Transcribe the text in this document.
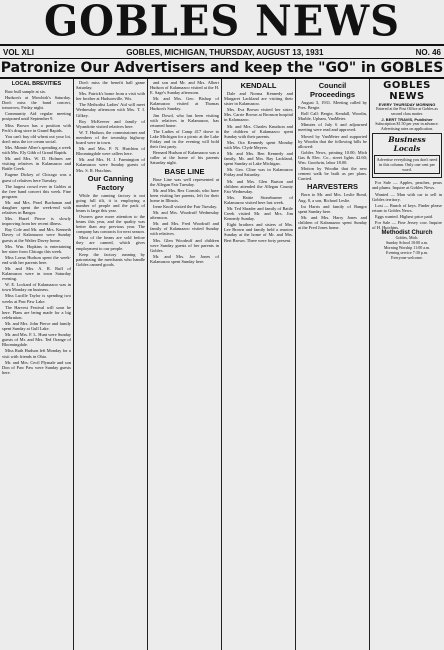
GOBLES NEWS
VOL XLI	GOBLES, MICHIGAN, THURSDAY, AUGUST 13, 1931	NO. 46
Patronize Our Advertisers and keep the "GO" in GOBLES
LOCAL BREVITIES

Raw bull sample at six.

Hudson's at Mowhirk's Saturday. Don't miss the band concert, tomorrow, Friday night.

Community Aid regular meeting postponed until September 9.

Miss Brown has a position with Peck's drug store in Grand Rapids.

You can't buy old wheat out your lot, don't miss the ice cream social.

Mrs. Minnie Alber's spending a week with Mrs. Ely Gibb of Grand Rapids.

Mr. and Mrs. W. D. Holmes are visiting relatives in Kalamazoo and Battle Creek.

Eugene Dickey of Chicago was a guest of relatives here Tuesday.

The largest crowd ever in Gobles at the free band concert this week. Fine program.

Mr. and Mrs. Pearl Buchanan and daughter spent the week-end with relatives in Bangor.

Mrs. Hazel Pierce is slowly improving from her recent illness.

Ray Cole and Mr. and Mrs. Kenneth Davey of Kalamazoo were Sunday guests at the Walter Davey home.

Mrs. Wm. Hopkins is entertaining her sister from Chicago this week.

Miss Lorna Hudson spent the week-end with her parents here.

Mr. and Mrs. A. R. Ruff of Kalamazoo were in town Saturday evening.

W. E. Lockard of Kalamazoo was in town Monday on business.

Miss Lucille Taylor is spending two weeks at Paw Paw Lake.

The Harvest Festival will soon be here. Plans are being made for a big celebration.

Mr. and Mrs. John Pierce and family spent Sunday at Gull Lake.

Mr. and Mrs. F. L. Hunt were Sunday guests of Mr. and Mrs. Ted Orange of Bloomingdale.

Miss Ruth Hudson left Monday for a visit with friends in Ohio.

Mr. and Mrs. Cecil Plymale and son Don of Paw Paw were Sunday guests here.

Don't miss the benefit ball game Saturday.

Mrs. Patrick's home from a visit with her brother at Hudsonville, Wis.

The Methodist Ladies' Aid will meet Wednesday afternoon with Mrs. T. I. Gilkey.

Roy McKeever and family of Wyandotte visited relatives here.

W. T. Hudson, the commissioner and members of the township highway board were in town.

Mr. and Mrs. P. N. Hutchins of Bloomingdale were callers here.

Mr. and Mrs. H. J. Farmington of Kalamazoo were Sunday guests of Mrs. S. R. Hutchins.

Our Canning Factory

While the canning factory is not going full tilt, it is employing a number of people and the pack of beans is large this year.

Owners gave more attention to the beans this year, and the quality was better than any previous year. The company has contracts for next season.

Most of the beans are sold before they are canned, which gives employment to our people.

Keep the factory running by patronizing the merchants who handle Gobles canned goods.

and son and Mr. and Mrs. Albert Hudson of Kalamazoo visited at the H. E. Sage's Sunday afternoon.

Mr. and Mrs. Geo. Bishop of Kalamazoo visited at Thomas Hudson's Sunday.

Jim Dowd, who has been visiting with relatives in Kalamazoo, has returned home.

The Ladies of Camp 417 drove to Lake Michigan for a picnic at the Lake Friday and in the evening will hold their first party.

Bernard Hudson of Kalamazoo was a caller at the home of his parents Saturday night.

BASE LINE

Base Line was well represented at the Allegan Fair Tuesday.

Mr. and Mrs. Rex Cornish, who have been visiting her parents, left for their home in Illinois.

Irene Knoll visited the Fair Tuesday.

Mr. and Mrs. Woodruff Wednesday afternoon.

Mr. and Mrs. Fred Woodruff and family of Kalamazoo visited Sunday with relatives.

Mrs. Glen Woodruff and children were Sunday guests of her parents in Gobles.

Mr. and Mrs. Joe Jones of Kalamazoo spent Sunday here.

KENDALL

Dale and Norma Kennedy and Margaret Lackland are visiting their sister in Kalamazoo.

Mrs. Eva Brown visited her sister, Mrs. Carrie Brown at Bronson hospital in Kalamazoo.

Mr. and Mrs. Charles Knudson and the children of Kalamazoo spent Sunday with their parents.

Mrs. Ora Kennedy spent Monday with Mrs. Clyde Meyers.

Mr. and Mrs. Ben Kennedy and family, Mr. and Mrs. Ray Lackland, spent Sunday at Lake Michigan.

Mr. Geo. Cline was in Kalamazoo Friday and Saturday.

Mr. and Mrs. Glen Burton and children attended the Allegan County Fair Wednesday.

Mrs. Hattie Stoneburner of Kalamazoo visited here last week.

Mr. Ted Shrader and family of Battle Creek visited Mr. and Mrs. Jim Kennedy Sunday.

Eight brothers and sisters of Mrs. Lee Brown and family held a reunion Sunday at the home of Mr. and Mrs. Bert Brown. There were forty present.

Council Proceedings

August 3, 1931. Meeting called by Pres. Bergie.

Roll Call: Bergie, Kendall, Woodin, Marble, Upham, VanMeter.

Minutes of July 6 and adjourned meeting were read and approved.

Moved by VanMeter and supported by Woodin that the following bills be allowed:

Gobles News, printing 10.00; Mich Gas & Elec. Co., street lights 42.60; Wm. Goodwin, labor 18.00.

Motion by Woodin that the new cement walk be built as per plans. Carried.

HARVESTERS

Born to Mr. and Mrs. Leslie Bond, Aug. 8, a son, Richard Leslie.

Ira Harris and family of Bangor spent Sunday here.

Mr. and Mrs. Harry Jones and children of Kalamazoo spent Sunday at the Fred Jones home.

GOBLES NEWS
EVERY THURSDAY MORNING
Entered at the Post Office at Gobles as second class matter.
J. BERT TRAVIS, Publisher
Subscription $1.50 per year in advance. Advertising rates on application.
Business Locals
Advertise everything you don't need in this column. Only one cent per word.

For Sale — Apples, peaches, pears and plums. Inquire at Gobles News.

Wanted — Man with car to sell in Gobles territory.

Lost — Bunch of keys. Finder please return to Gobles News.

Eggs wanted. Highest price paid.

For Sale — Fine Jersey cow. Inquire of H. Hutchins.

Methodist Church
Gobles, Mich.
Sunday School 10:00 a.m.
Morning Worship 11:00 a.m.
Evening service 7:30 p.m.
Everyone welcome.
